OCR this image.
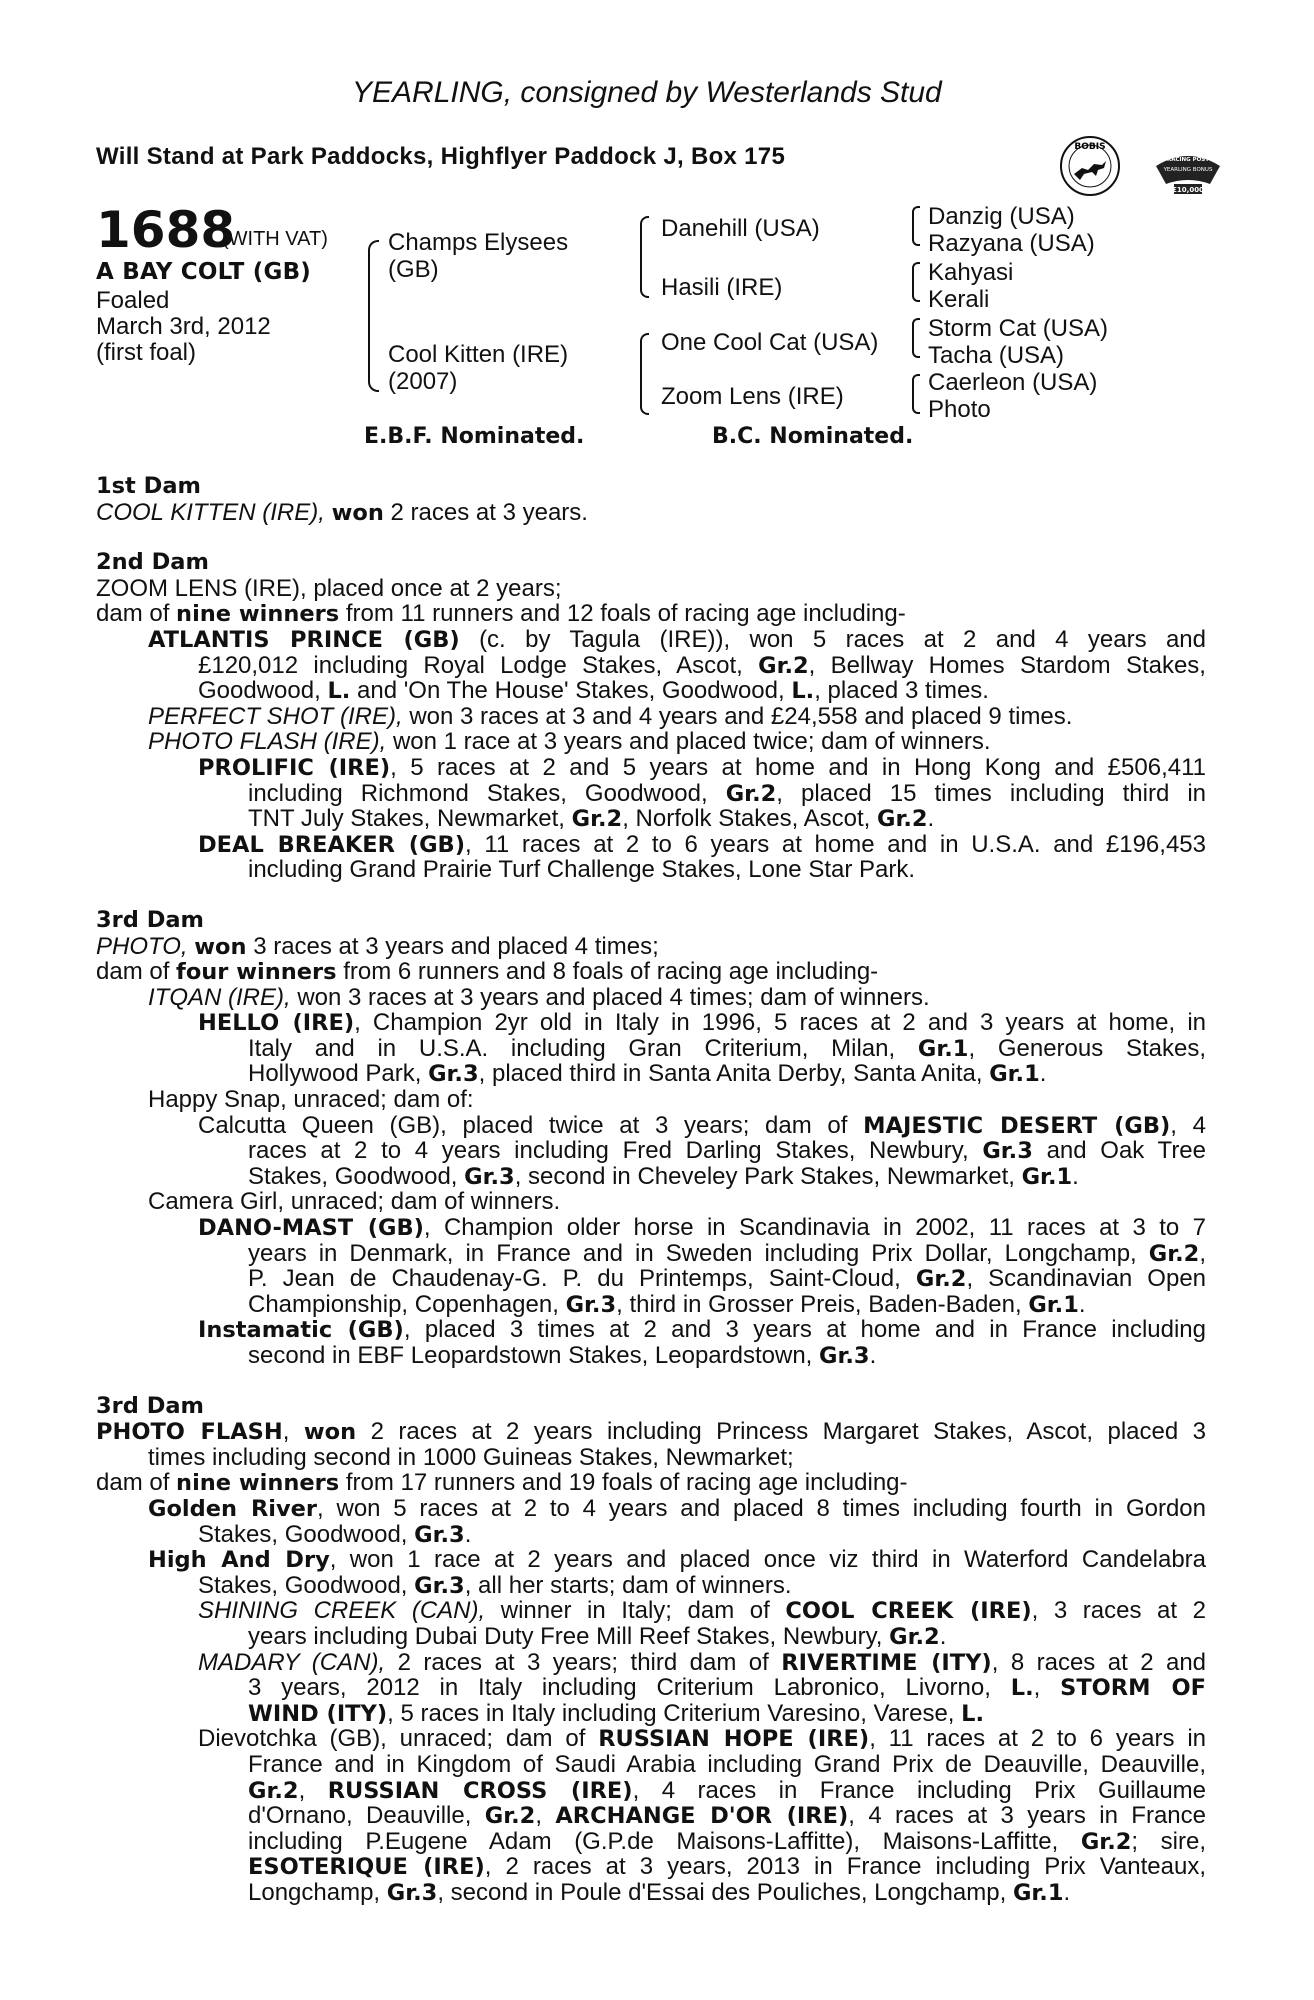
YEARLING, consigned by Westerlands Stud
Will Stand at Park Paddocks, Highflyer Paddock J, Box 175	BOBIS
RACING POST
YEARLING BONUS
£10,000
1688
(WITH VAT)
A BAY COLT (GB)
Foaled
March 3rd, 2012
(first foal)
Champs Elysees
(GB)
Cool Kitten (IRE)
(2007)
Danehill (USA)
Hasili (IRE)
One Cool Cat (USA)
Zoom Lens (IRE)
Danzig (USA)
Razyana (USA)
Kahyasi
Kerali
Storm Cat (USA)
Tacha (USA)
Caerleon (USA)
Photo
E.B.F. Nominated.	B.C. Nominated.
1st Dam
COOL KITTEN (IRE), won 2 races at 3 years.
2nd Dam
ZOOM LENS (IRE), placed once at 2 years;
dam of nine winners from 11 runners and 12 foals of racing age including-
ATLANTIS PRINCE (GB) (c. by Tagula (IRE)), won 5 races at 2 and 4 years and
£120,012 including Royal Lodge Stakes, Ascot, Gr.2, Bellway Homes Stardom Stakes,
Goodwood, L. and 'On The House' Stakes, Goodwood, L., placed 3 times.
PERFECT SHOT (IRE), won 3 races at 3 and 4 years and £24,558 and placed 9 times.
PHOTO FLASH (IRE), won 1 race at 3 years and placed twice; dam of winners.
PROLIFIC (IRE), 5 races at 2 and 5 years at home and in Hong Kong and £506,411
including Richmond Stakes, Goodwood, Gr.2, placed 15 times including third in
TNT July Stakes, Newmarket, Gr.2, Norfolk Stakes, Ascot, Gr.2.
DEAL BREAKER (GB), 11 races at 2 to 6 years at home and in U.S.A. and £196,453
including Grand Prairie Turf Challenge Stakes, Lone Star Park.
3rd Dam
PHOTO, won 3 races at 3 years and placed 4 times;
dam of four winners from 6 runners and 8 foals of racing age including-
ITQAN (IRE), won 3 races at 3 years and placed 4 times; dam of winners.
HELLO (IRE), Champion 2yr old in Italy in 1996, 5 races at 2 and 3 years at home, in
Italy and in U.S.A. including Gran Criterium, Milan, Gr.1, Generous Stakes,
Hollywood Park, Gr.3, placed third in Santa Anita Derby, Santa Anita, Gr.1.
Happy Snap, unraced; dam of:
Calcutta Queen (GB), placed twice at 3 years; dam of MAJESTIC DESERT (GB), 4
races at 2 to 4 years including Fred Darling Stakes, Newbury, Gr.3 and Oak Tree
Stakes, Goodwood, Gr.3, second in Cheveley Park Stakes, Newmarket, Gr.1.
Camera Girl, unraced; dam of winners.
DANO-MAST (GB), Champion older horse in Scandinavia in 2002, 11 races at 3 to 7
years in Denmark, in France and in Sweden including Prix Dollar, Longchamp, Gr.2,
P. Jean de Chaudenay-G. P. du Printemps, Saint-Cloud, Gr.2, Scandinavian Open
Championship, Copenhagen, Gr.3, third in Grosser Preis, Baden-Baden, Gr.1.
Instamatic (GB), placed 3 times at 2 and 3 years at home and in France including
second in EBF Leopardstown Stakes, Leopardstown, Gr.3.
3rd Dam
PHOTO FLASH, won 2 races at 2 years including Princess Margaret Stakes, Ascot, placed 3
times including second in 1000 Guineas Stakes, Newmarket;
dam of nine winners from 17 runners and 19 foals of racing age including-
Golden River, won 5 races at 2 to 4 years and placed 8 times including fourth in Gordon
Stakes, Goodwood, Gr.3.
High And Dry, won 1 race at 2 years and placed once viz third in Waterford Candelabra
Stakes, Goodwood, Gr.3, all her starts; dam of winners.
SHINING CREEK (CAN), winner in Italy; dam of COOL CREEK (IRE), 3 races at 2
years including Dubai Duty Free Mill Reef Stakes, Newbury, Gr.2.
MADARY (CAN), 2 races at 3 years; third dam of RIVERTIME (ITY), 8 races at 2 and
3 years, 2012 in Italy including Criterium Labronico, Livorno, L., STORM OF
WIND (ITY), 5 races in Italy including Criterium Varesino, Varese, L.
Dievotchka (GB), unraced; dam of RUSSIAN HOPE (IRE), 11 races at 2 to 6 years in
France and in Kingdom of Saudi Arabia including Grand Prix de Deauville, Deauville,
Gr.2, RUSSIAN CROSS (IRE), 4 races in France including Prix Guillaume
d'Ornano, Deauville, Gr.2, ARCHANGE D'OR (IRE), 4 races at 3 years in France
including P.Eugene Adam (G.P.de Maisons-Laffitte), Maisons-Laffitte, Gr.2; sire,
ESOTERIQUE (IRE), 2 races at 3 years, 2013 in France including Prix Vanteaux,
Longchamp, Gr.3, second in Poule d'Essai des Pouliches, Longchamp, Gr.1.
